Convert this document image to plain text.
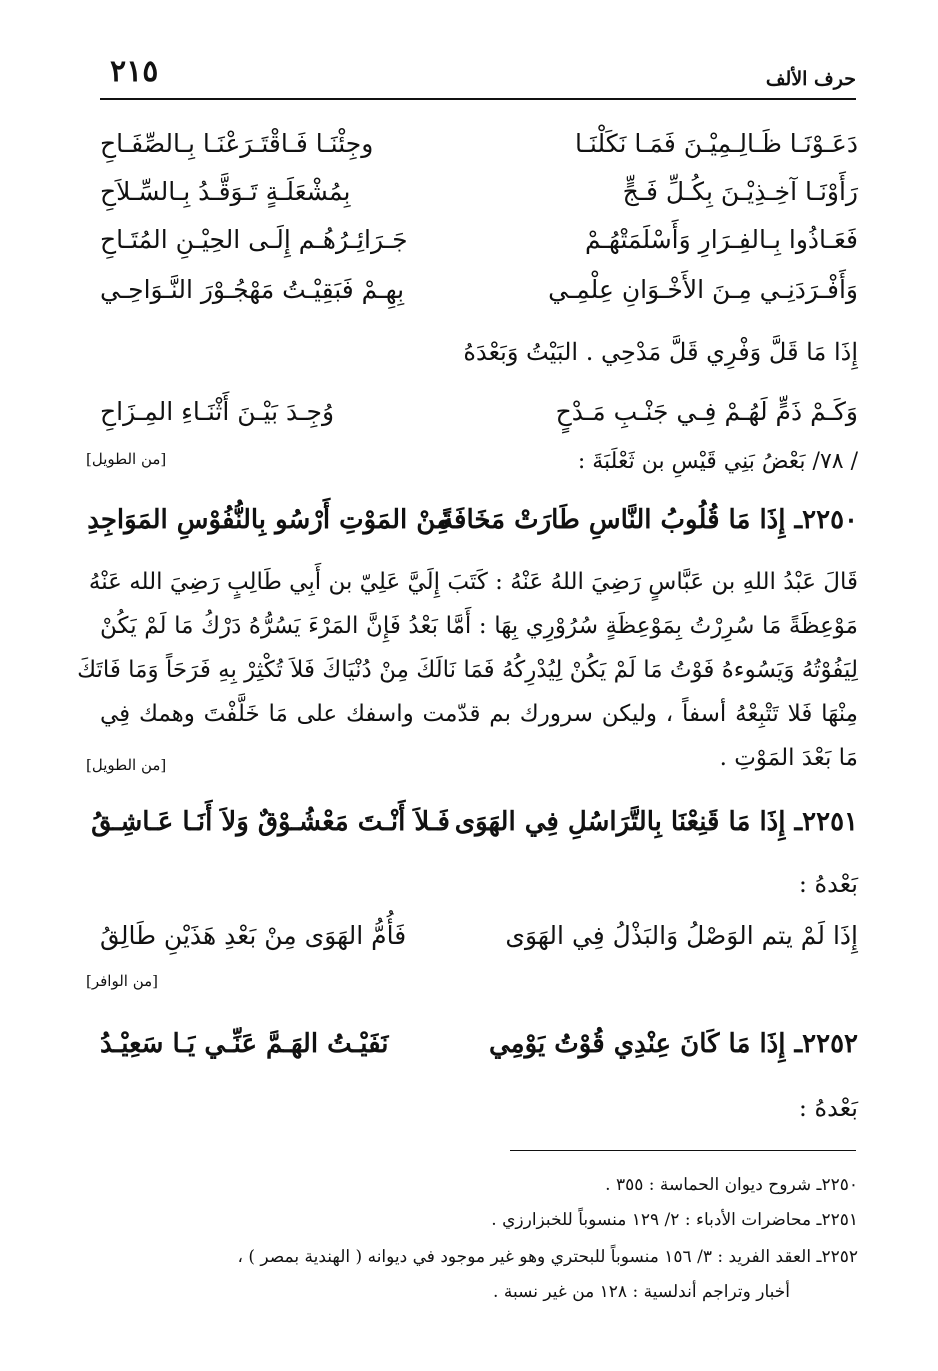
٢١٥	حرف الألف
دَعَـوْنَـا ظَـالِـمِيْـنَ فَمَـا نَكَلْنَـا
وجِئْنَـا فَـاقْتَـرَعْنَـا بِـالصِّفَـاحِ
رَأَوْنَـا آخِـذِيْـنَ بِكُـلِّ فَـجٍّ
بِمُشْعَلَـةٍ تَـوَقَّـدُ بِـالسِّـلاَحِ
فَعَـاذُوا بِـالفِـرَارِ وَأَسْلَمَتْهُـمْ
جَـرَائِـرُهُـم إِلَـى الحِيْـنِ المُتَـاحِ
وَأَفْـرَدَنِـي مِـنَ الأَخْـوَانِ عِلْمِـي
بِهِـمْ فَبَقِيْـتُ مَهْجُـوْرَ النَّـوَاحِـي
إِذَا مَا قَلَّ وَفْرِي قَلَّ مَدْحِي . البَيْتُ وَبَعْدَهُ
وَكَـمْ ذَمٍّ لَهُـمْ فِـي جَنْـبِ مَـدْحٍ
وُجِـدَ بَيْـنَ أَثْنَـاءِ المِـزَاحِ
/ ٧٨/ بَعْضُ بَنِي قَيْسِ بن ثَعْلَبَةَ :
[من الطويل]
٢٢٥٠ـ إِذَا مَا قُلُوبُ النَّاسِ طَارَتْ مَخَافَةً
مِنْ المَوْتِ أَرْسُو بِالنُّفُوْسِ المَوَاجِدِ
قَالَ عَبْدُ اللهِ بن عَبَّاسٍ رَضِيَ اللهُ عَنْهُ : كَتَبَ إِلَيَّ عَلِيّ بن أَبِي طَالِبٍ رَضِيَ الله عَنْهُ
مَوْعِظَةً مَا سُرِرْتُ بِمَوْعِظَةٍ سُرُوْرِي بِهَا : أَمَّا بَعْدُ فَإِنَّ المَرْءَ يَسُرُّهُ دَرْكُ مَا لَمْ يَكُنْ
لِيَفُوْتُهُ وَيَسُوءهُ فَوْتُ مَا لَمْ يَكُنْ لِيُدْرِكُهُ فَمَا نَالَكَ مِنْ دُنْيَاكَ فَلاَ تُكْثِرْ بِهِ فَرَحَاً وَمَا فَاتَكَ
مِنْهَا فَلا تَتْبِعْهُ أسفاً ، وليكن سرورك بم قدّمت واسفك على مَا خَلَّفْتَ وهمك فِي
مَا بَعْدَ المَوْتِ .
[من الطويل]
٢٢٥١ـ إِذَا مَا قَنِعْنَا بِالتَّرَاسُلِ فِي الهَوَى
فَـلاَ أَنْـتَ مَعْشُـوْقٌ وَلاَ أَنَـا عَـاشِـقُ
بَعْدهُ :
إِذَا لَمْ يتم الوَصْلُ وَالبَذْلُ فِي الهَوَى
فَأُمُّ الهَوَى مِنْ بَعْدِ هَذَيْنِ طَالِقُ
[من الوافر]
٢٢٥٢ـ إِذَا مَا كَانَ عِنْدِي قُوْتُ يَوْمِي
نَفَيْـتُ الهَـمَّ عَنِّـي يَـا سَعِيْـدُ
بَعْدهُ :
٢٢٥٠ـ شروح ديوان الحماسة : ٣٥٥ .
٢٢٥١ـ محاضرات الأدباء : ٢/ ١٢٩ منسوباً للخبزارزي .
٢٢٥٢ـ العقد الفريد : ٣/ ١٥٦ منسوباً للبحتري وهو غير موجود في ديوانه ( الهندية بمصر ) ،
أخبار وتراجم أندلسية : ١٢٨ من غير نسبة .
